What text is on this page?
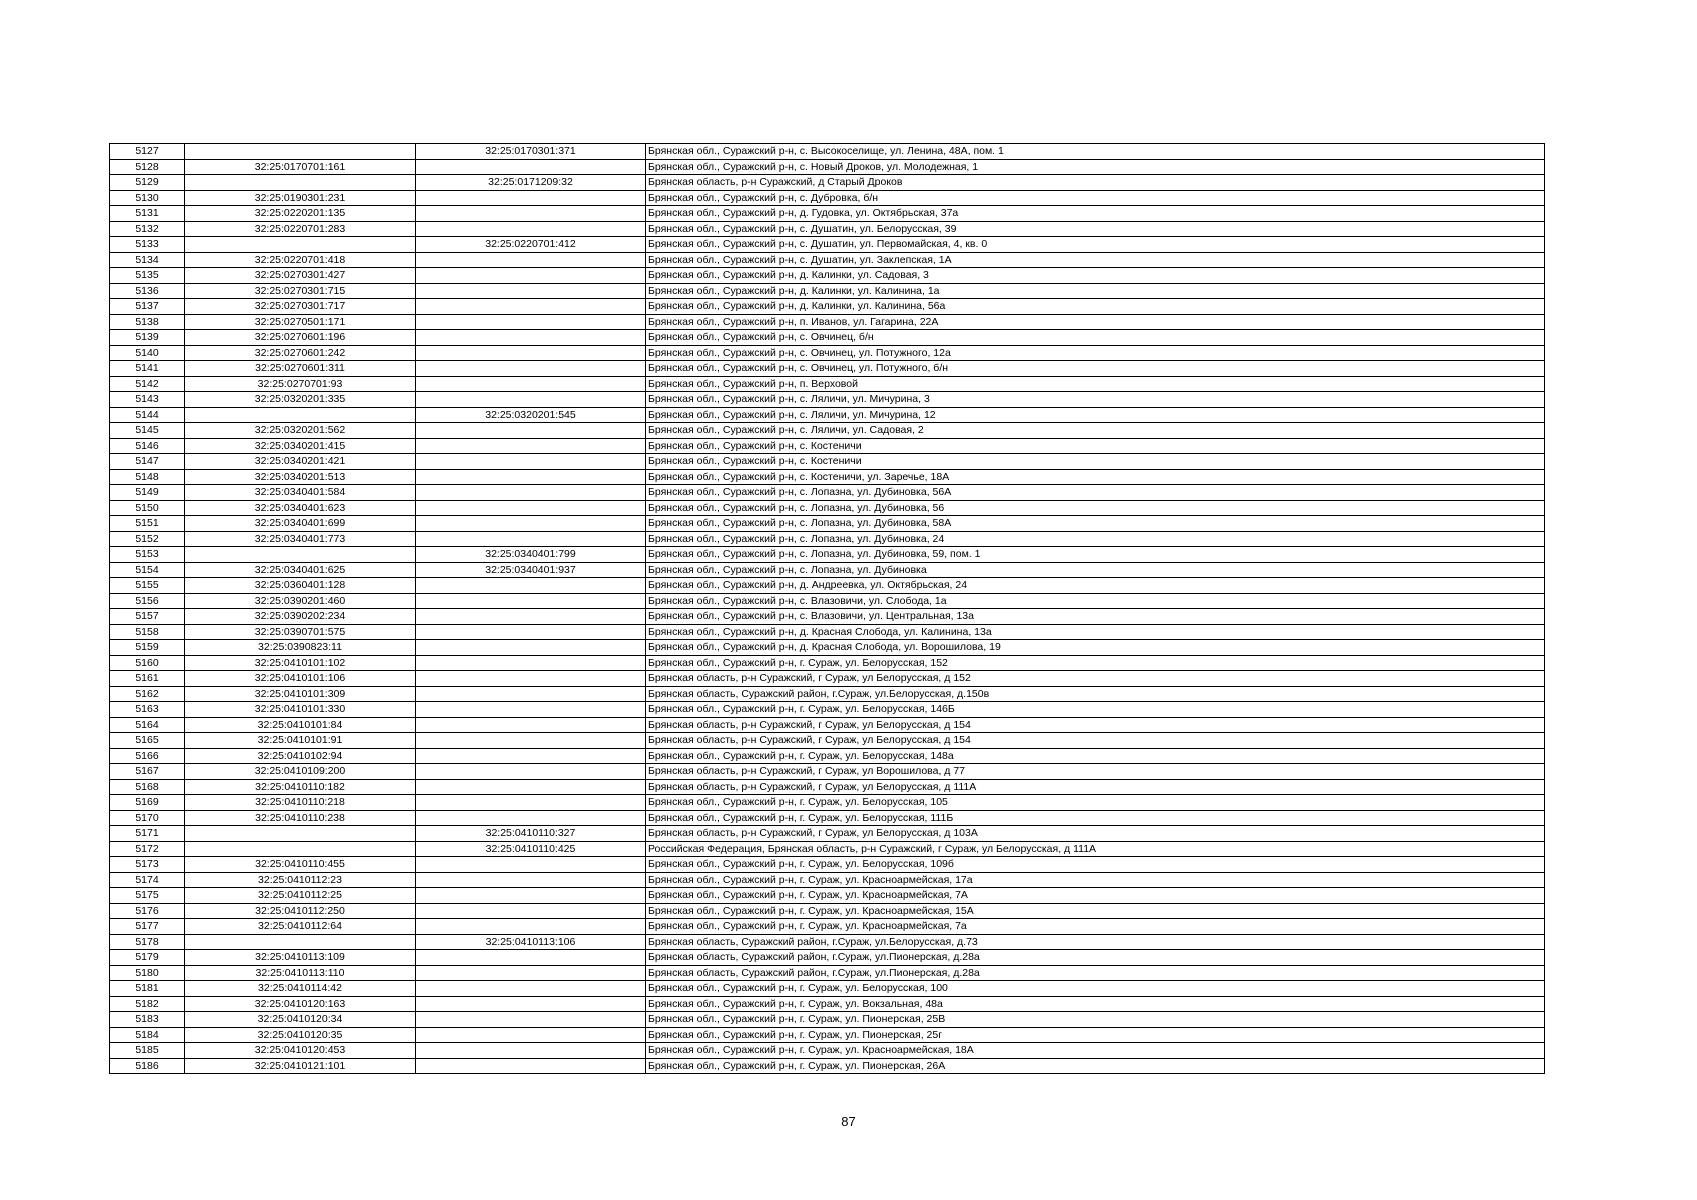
5127		32:25:0170301:371	Брянская обл., Суражский р-н, с. Высокоселище, ул. Ленина, 48А, пом. 1
5128	32:25:0170701:161		Брянская обл., Суражский р-н, с. Новый Дроков, ул. Молодежная, 1
5129		32:25:0171209:32	Брянская область, р-н Суражский, д Старый Дроков
5130	32:25:0190301:231		Брянская обл., Суражский р-н, с. Дубровка, б/н
5131	32:25:0220201:135		Брянская обл., Суражский р-н, д. Гудовка, ул. Октябрьская, 37а
5132	32:25:0220701:283		Брянская обл., Суражский р-н, с. Душатин, ул. Белорусская, 39
5133		32:25:0220701:412	Брянская обл., Суражский р-н, с. Душатин, ул. Первомайская, 4, кв. 0
5134	32:25:0220701:418		Брянская обл., Суражский р-н, с. Душатин, ул. Заклепская, 1А
5135	32:25:0270301:427		Брянская обл., Суражский р-н, д. Калинки, ул. Садовая, 3
5136	32:25:0270301:715		Брянская обл., Суражский р-н, д. Калинки, ул. Калинина, 1а
5137	32:25:0270301:717		Брянская обл., Суражский р-н, д. Калинки, ул. Калинина, 56а
5138	32:25:0270501:171		Брянская обл., Суражский р-н, п. Иванов, ул. Гагарина, 22А
5139	32:25:0270601:196		Брянская обл., Суражский р-н, с. Овчинец, б/н
5140	32:25:0270601:242		Брянская обл., Суражский р-н, с. Овчинец, ул. Потужного, 12а
5141	32:25:0270601:311		Брянская обл., Суражский р-н, с. Овчинец, ул. Потужного, б/н
5142	32:25:0270701:93		Брянская обл., Суражский р-н, п. Верховой
5143	32:25:0320201:335		Брянская обл., Суражский р-н, с. Ляличи, ул. Мичурина, 3
5144		32:25:0320201:545	Брянская обл., Суражский р-н, с. Ляличи, ул. Мичурина, 12
5145	32:25:0320201:562		Брянская обл., Суражский р-н, с. Ляличи, ул. Садовая, 2
5146	32:25:0340201:415		Брянская обл., Суражский р-н, с. Костеничи
5147	32:25:0340201:421		Брянская обл., Суражский р-н, с. Костеничи
5148	32:25:0340201:513		Брянская обл., Суражский р-н, с. Костеничи, ул. Заречье, 18А
5149	32:25:0340401:584		Брянская обл., Суражский р-н, с. Лопазна, ул. Дубиновка, 56А
5150	32:25:0340401:623		Брянская обл., Суражский р-н, с. Лопазна, ул. Дубиновка, 56
5151	32:25:0340401:699		Брянская обл., Суражский р-н, с. Лопазна, ул. Дубиновка, 58А
5152	32:25:0340401:773		Брянская обл., Суражский р-н, с. Лопазна, ул. Дубиновка, 24
5153		32:25:0340401:799	Брянская обл., Суражский р-н, с. Лопазна, ул. Дубиновка, 59, пом. 1
5154	32:25:0340401:625	32:25:0340401:937	Брянская обл., Суражский р-н, с. Лопазна, ул. Дубиновка
5155	32:25:0360401:128		Брянская обл., Суражский р-н, д. Андреевка, ул. Октябрьская, 24
5156	32:25:0390201:460		Брянская обл., Суражский р-н, с. Влазовичи, ул. Слобода, 1а
5157	32:25:0390202:234		Брянская обл., Суражский р-н, с. Влазовичи, ул. Центральная, 13а
5158	32:25:0390701:575		Брянская обл., Суражский р-н, д. Красная Слобода, ул. Калинина, 13а
5159	32:25:0390823:11		Брянская обл., Суражский р-н, д. Красная Слобода, ул. Ворошилова, 19
5160	32:25:0410101:102		Брянская обл., Суражский р-н, г. Сураж, ул. Белорусская, 152
5161	32:25:0410101:106		Брянская область, р-н Суражский, г Сураж, ул Белорусская, д 152
5162	32:25:0410101:309		Брянская область, Суражский район, г.Сураж, ул.Белорусская, д.150в
5163	32:25:0410101:330		Брянская обл., Суражский р-н, г. Сураж, ул. Белорусская, 146Б
5164	32:25:0410101:84		Брянская область, р-н Суражский, г Сураж, ул Белорусская, д 154
5165	32:25:0410101:91		Брянская область, р-н Суражский, г Сураж, ул Белорусская, д 154
5166	32:25:0410102:94		Брянская обл., Суражский р-н, г. Сураж, ул. Белорусская, 148а
5167	32:25:0410109:200		Брянская область, р-н Суражский, г Сураж, ул Ворошилова, д 77
5168	32:25:0410110:182		Брянская область, р-н Суражский, г Сураж, ул Белорусская, д 111А
5169	32:25:0410110:218		Брянская обл., Суражский р-н, г. Сураж, ул. Белорусская, 105
5170	32:25:0410110:238		Брянская обл., Суражский р-н, г. Сураж, ул. Белорусская, 111Б
5171		32:25:0410110:327	Брянская область, р-н Суражский, г Сураж, ул Белорусская, д 103А
5172		32:25:0410110:425	Российская Федерация, Брянская область, р-н Суражский, г Сураж, ул Белорусская, д 111А
5173	32:25:0410110:455		Брянская обл., Суражский р-н, г. Сураж, ул. Белорусская, 109б
5174	32:25:0410112:23		Брянская обл., Суражский р-н, г. Сураж, ул. Красноармейская, 17а
5175	32:25:0410112:25		Брянская обл., Суражский р-н, г. Сураж, ул. Красноармейская, 7А
5176	32:25:0410112:250		Брянская обл., Суражский р-н, г. Сураж, ул. Красноармейская, 15А
5177	32:25:0410112:64		Брянская обл., Суражский р-н, г. Сураж, ул. Красноармейская, 7а
5178		32:25:0410113:106	Брянская область, Суражский район, г.Сураж, ул.Белорусская, д.73
5179	32:25:0410113:109		Брянская область, Суражский район, г.Сураж, ул.Пионерская, д.28а
5180	32:25:0410113:110		Брянская область, Суражский район, г.Сураж, ул.Пионерская, д.28а
5181	32:25:0410114:42		Брянская обл., Суражский р-н, г. Сураж, ул. Белорусская, 100
5182	32:25:0410120:163		Брянская обл., Суражский р-н, г. Сураж, ул. Вокзальная, 48а
5183	32:25:0410120:34		Брянская обл., Суражский р-н, г. Сураж, ул. Пионерская, 25В
5184	32:25:0410120:35		Брянская обл., Суражский р-н, г. Сураж, ул. Пионерская, 25г
5185	32:25:0410120:453		Брянская обл., Суражский р-н, г. Сураж, ул. Красноармейская, 18А
5186	32:25:0410121:101		Брянская обл., Суражский р-н, г. Сураж, ул. Пионерская, 26А
87
